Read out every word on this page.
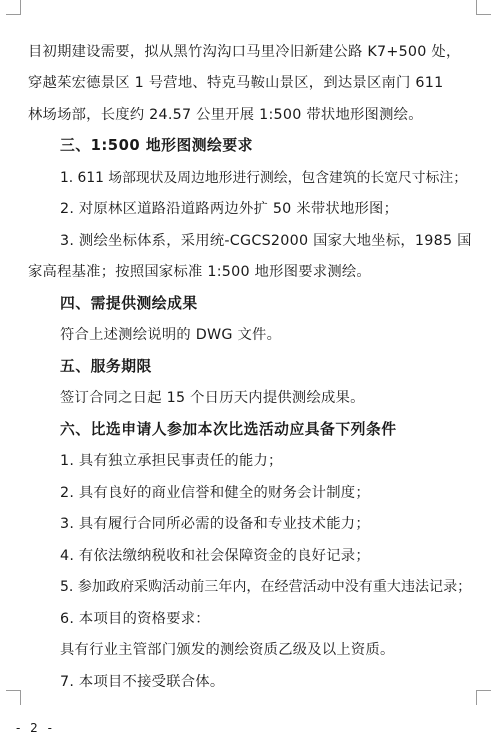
目初期建设需要，拟从黑竹沟沟口马里冷旧新建公路 K7+500 处，
穿越茱宏德景区 1 号营地、特克马鞍山景区，到达景区南门 611
林场场部，长度约 24.57 公里开展 1:500 带状地形图测绘。
三、1:500 地形图测绘要求
1. 611 场部现状及周边地形进行测绘，包含建筑的长宽尺寸标注；
2. 对原林区道路沿道路两边外扩 50 米带状地形图；
3. 测绘坐标体系，采用统-CGCS2000 国家大地坐标，1985 国
家高程基准；按照国家标准 1:500 地形图要求测绘。
四、需提供测绘成果
符合上述测绘说明的 DWG 文件。
五、服务期限
签订合同之日起 15 个日历天内提供测绘成果。
六、比选申请人参加本次比选活动应具备下列条件
1. 具有独立承担民事责任的能力；
2. 具有良好的商业信誉和健全的财务会计制度；
3. 具有履行合同所必需的设备和专业技术能力；
4. 有依法缴纳税收和社会保障资金的良好记录；
5. 参加政府采购活动前三年内，在经营活动中没有重大违法记录；
6. 本项目的资格要求：
具有行业主管部门颁发的测绘资质乙级及以上资质。
7. 本项目不接受联合体。
- 2 -
